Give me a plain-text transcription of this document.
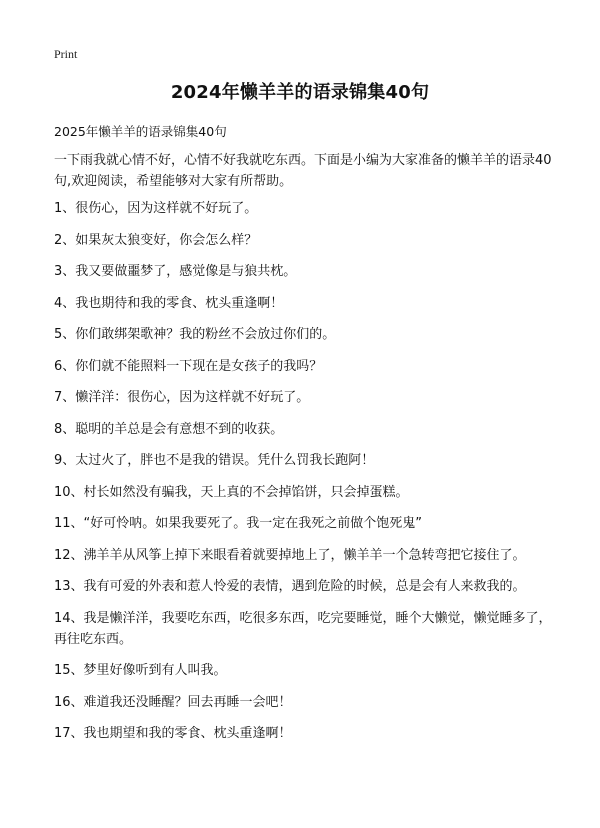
Print
2024年懒羊羊的语录锦集40句
2025年懒羊羊的语录锦集40句
一下雨我就心情不好，心情不好我就吃东西。下面是小编为大家准备的懒羊羊的语录40句,欢迎阅读，希望能够对大家有所帮助。
1、很伤心，因为这样就不好玩了。
2、如果灰太狼变好，你会怎么样？
3、我又要做噩梦了，感觉像是与狼共枕。
4、我也期待和我的零食、枕头重逢啊！
5、你们敢绑架歌神？我的粉丝不会放过你们的。
6、你们就不能照料一下现在是女孩子的我吗？
7、懒洋洋：很伤心，因为这样就不好玩了。
8、聪明的羊总是会有意想不到的收获。
9、太过火了，胖也不是我的错误。凭什么罚我长跑阿！
10、村长如然没有骗我，天上真的不会掉馅饼，只会掉蛋糕。
11、“好可怜呐。如果我要死了。我一定在我死之前做个饱死鬼”
12、沸羊羊从风筝上掉下来眼看着就要掉地上了，懒羊羊一个急转弯把它接住了。
13、我有可爱的外表和惹人怜爱的表情，遇到危险的时候，总是会有人来救我的。
14、我是懒洋洋，我要吃东西，吃很多东西，吃完要睡觉，睡个大懒觉，懒觉睡多了，再往吃东西。
15、梦里好像听到有人叫我。
16、难道我还没睡醒？回去再睡一会吧！
17、我也期望和我的零食、枕头重逢啊！
